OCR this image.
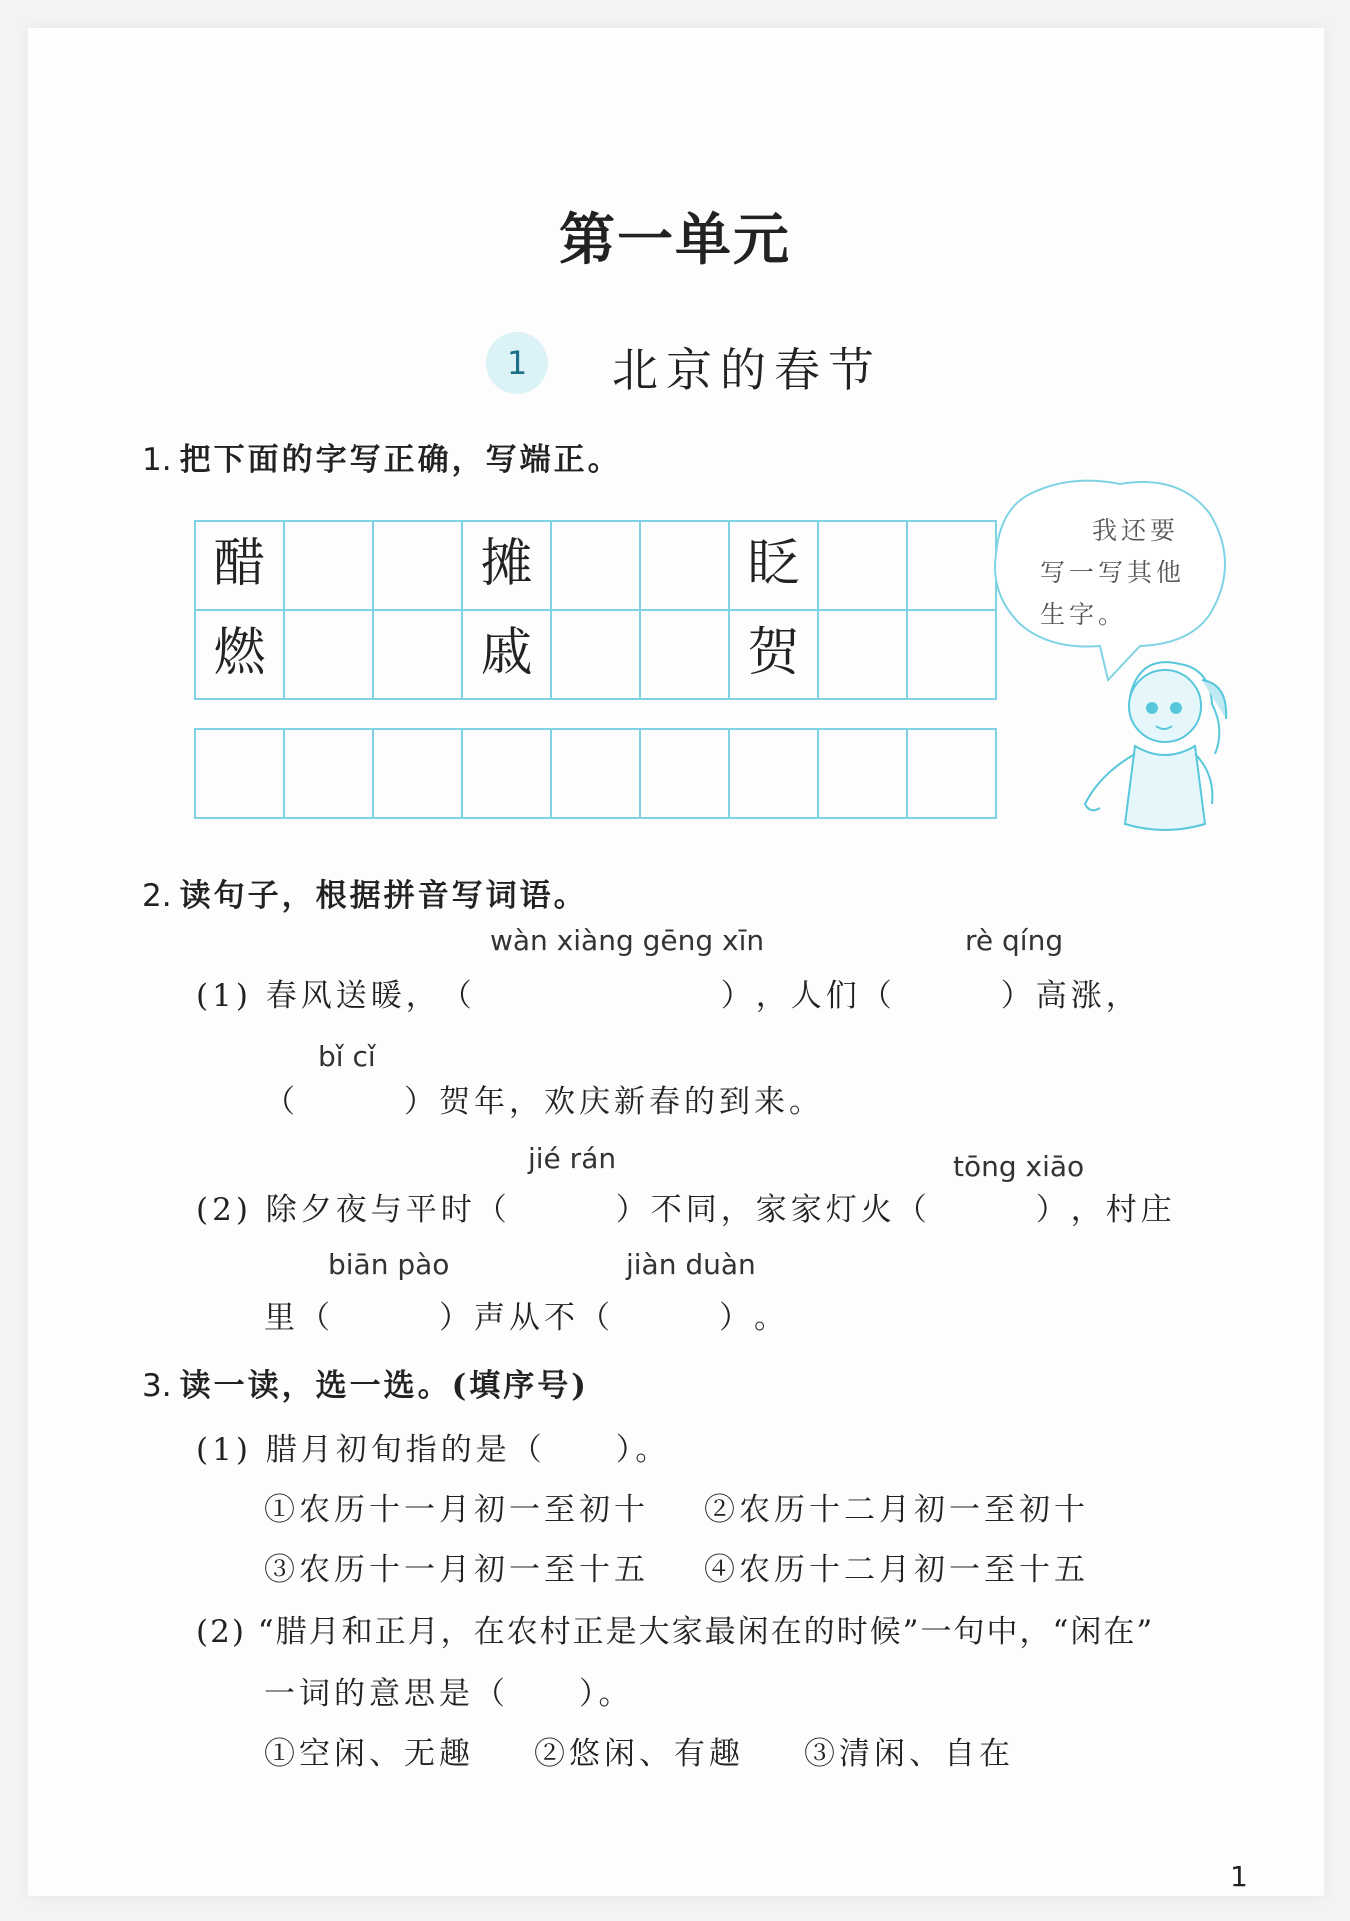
第一单元
1	北京的春节
1. 把下面的字写正确，写端正。
醋	摊	眨
燃	戚	贺
我还要
写一写其他
生字。
2. 读句子，根据拼音写词语。
wàn xiàng gēng xīn	rè qíng
(1) 春风送暖，（　　　　　　　），人们（　　　）高涨，
bǐ cǐ
（　　　）贺年，欢庆新春的到来。
jié rán	tōng xiāo
(2) 除夕夜与平时（　　　）不同，家家灯火（　　　），村庄
biān pào	jiàn duàn
里（　　　）声从不（　　　）。
3. 读一读，选一选。(填序号)
(1) 腊月初旬指的是（　　）。
①农历十一月初一至初十 ②农历十二月初一至初十
③农历十一月初一至十五 ④农历十二月初一至十五
(2) “腊月和正月，在农村正是大家最闲在的时候”一句中，“闲在”
一词的意思是（　　）。
①空闲、无趣 ②悠闲、有趣 ③清闲、自在
1
